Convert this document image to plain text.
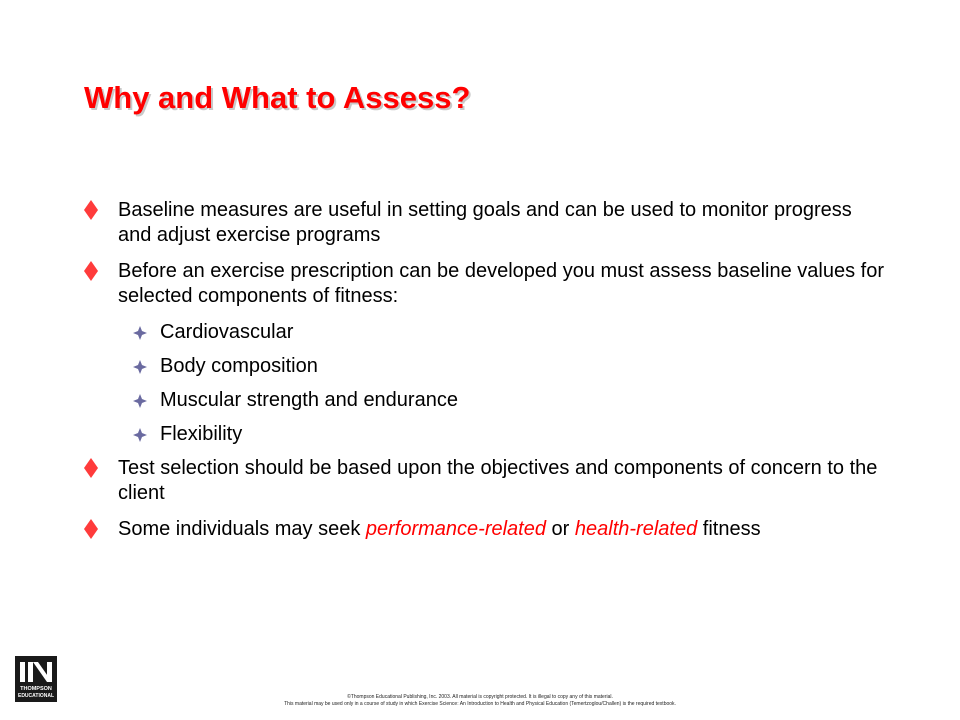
Why and What to Assess?
Baseline measures are useful in setting goals and can be used to monitor progress and adjust exercise programs
Before an exercise prescription can be developed you must assess baseline values for selected components of fitness:
Cardiovascular
Body composition
Muscular strength and endurance
Flexibility
Test selection should be based upon the objectives and components of concern to the client
Some individuals may seek performance-related or health-related fitness
THOMPSON
EDUCATIONAL	©Thompson Educational Publishing, Inc. 2003. All material is copyright protected. It is illegal to copy any of this material.
This material may be used only in a course of study in which Exercise Science: An Introduction to Health and Physical Education (Temertzoglou/Challen) is the required textbook.
